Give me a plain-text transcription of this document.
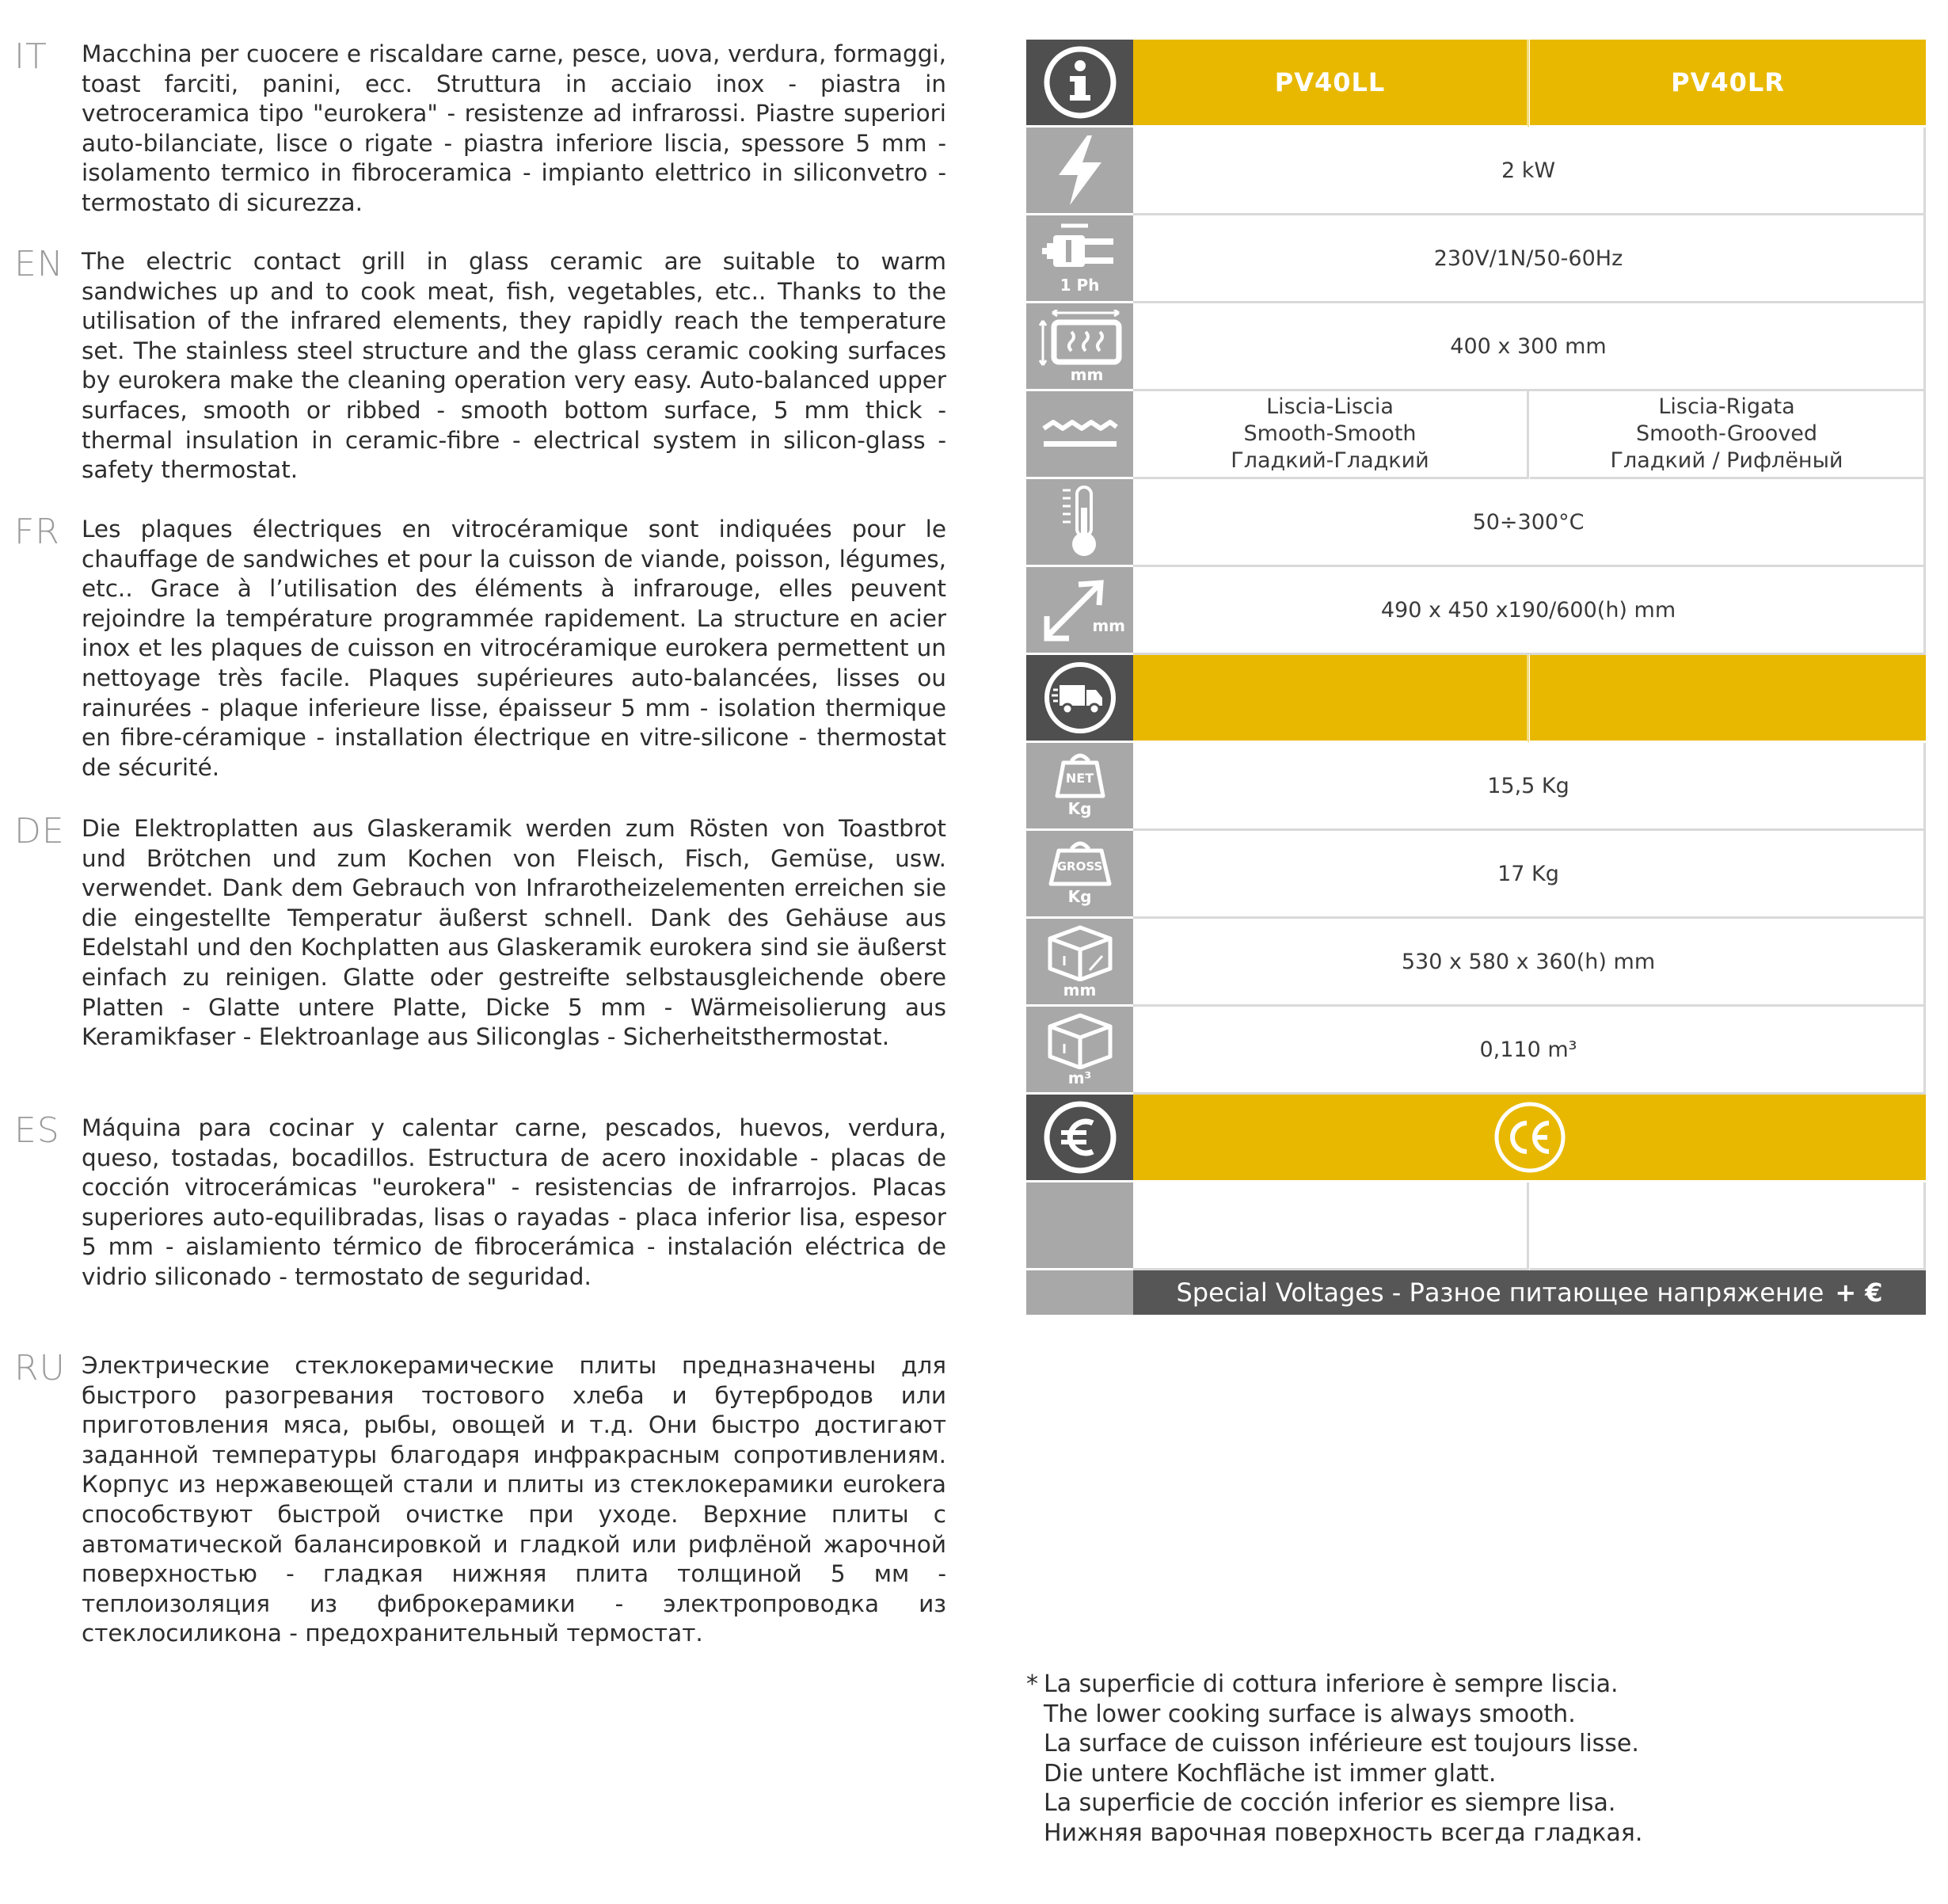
IT Macchina per cuocere e riscaldare carne, pesce, uova, verdura, formaggi, toast farciti, panini, ecc. Struttura in acciaio inox - piastra in vetroceramica tipo "eurokera" - resistenze ad infrarossi. Piastre superiori auto-bilanciate, lisce o rigate - piastra inferiore liscia, spessore 5 mm - isolamento termico in fibroceramica - impianto elettrico in siliconvetro - termostato di sicurezza.

EN The electric contact grill in glass ceramic are suitable to warm sandwiches up and to cook meat, fish, vegetables, etc.. Thanks to the utilisation of the infrared elements, they rapidly reach the temperature set. The stainless steel structure and the glass ceramic cooking surfaces by eurokera make the cleaning operation very easy. Auto-balanced upper surfaces, smooth or ribbed - smooth bottom surface, 5 mm thick - thermal insulation in ceramic-fibre - electrical system in silicon-glass - safety thermostat.

FR Les plaques électriques en vitrocéramique sont indiquées pour le chauffage de sandwiches et pour la cuisson de viande, poisson, légumes, etc.. Grace à l’utilisation des éléments à infrarouge, elles peuvent rejoindre la température programmée rapidement. La structure en acier inox et les plaques de cuisson en vitrocéramique eurokera permettent un nettoyage très facile. Plaques supérieures auto-balancées, lisses ou rainurées - plaque inferieure lisse, épaisseur 5 mm - isolation thermique en fibre-céramique - installation électrique en vitre-silicone - thermostat de sécurité.

DE Die Elektroplatten aus Glaskeramik werden zum Rösten von Toastbrot und Brötchen und zum Kochen von Fleisch, Fisch, Gemüse, usw. verwendet. Dank dem Gebrauch von Infrarotheizelementen erreichen sie die eingestellte Temperatur äußerst schnell. Dank des Gehäuse aus Edelstahl und den Kochplatten aus Glaskeramik eurokera sind sie äußerst einfach zu reinigen. Glatte oder gestreifte selbstausgleichende obere Platten - Glatte untere Platte, Dicke 5 mm - Wärmeisolierung aus Keramikfaser - Elektroanlage aus Siliconglas - Sicherheitsthermostat.

ES Máquina para cocinar y calentar carne, pescados, huevos, verdura, queso, tostadas, bocadillos. Estructura de acero inoxidable - placas de cocción vitrocerámicas "eurokera" - resistencias de infrarrojos. Placas superiores auto-equilibradas, lisas o rayadas - placa inferior lisa, espesor 5 mm - aislamiento térmico de fibrocerámica - instalación eléctrica de vidrio siliconado - termostato de seguridad.

RU Электрические стеклокерамические плиты предназначены для быстрого разогревания тостового хлеба и бутербродов или приготовления мяса, рыбы, овощей и т.д. Они быстро достигают заданной температуры благодаря инфракрасным сопротивлениям. Корпус из нержавеющей стали и плиты из стеклокерамики eurokera способствуют быстрой очистке при уходе. Верхние плиты с автоматической балансировкой и гладкой или рифлёной жарочной поверхностью - гладкая нижняя плита толщиной 5 мм - теплоизоляция из фиброкерамики - электропроводка из стеклосиликона - предохранительный термостат.

PV40LL	PV40LR
2 kW
1 Ph
230V/1N/50-60Hz
mm
400 x 300 mm
Liscia-Liscia
Smooth-Smooth
Гладкий-Гладкий
Liscia-Rigata
Smooth-Grooved
Гладкий / Рифлёный
50÷300°C
mm
490 x 450 x190/600(h) mm
NET
Kg
15,5 Kg
GROSS
Kg
17 Kg
mm
530 x 580 x 360(h) mm
m³
0,110 m³
Special Voltages - Разное питающее напряжение + €
* La superficie di cottura inferiore è sempre liscia.
The lower cooking surface is always smooth.
La surface de cuisson inférieure est toujours lisse.
Die untere Kochfläche ist immer glatt.
La superficie de cocción inferior es siempre lisa.
Нижняя варочная поверхность всегда гладкая.
